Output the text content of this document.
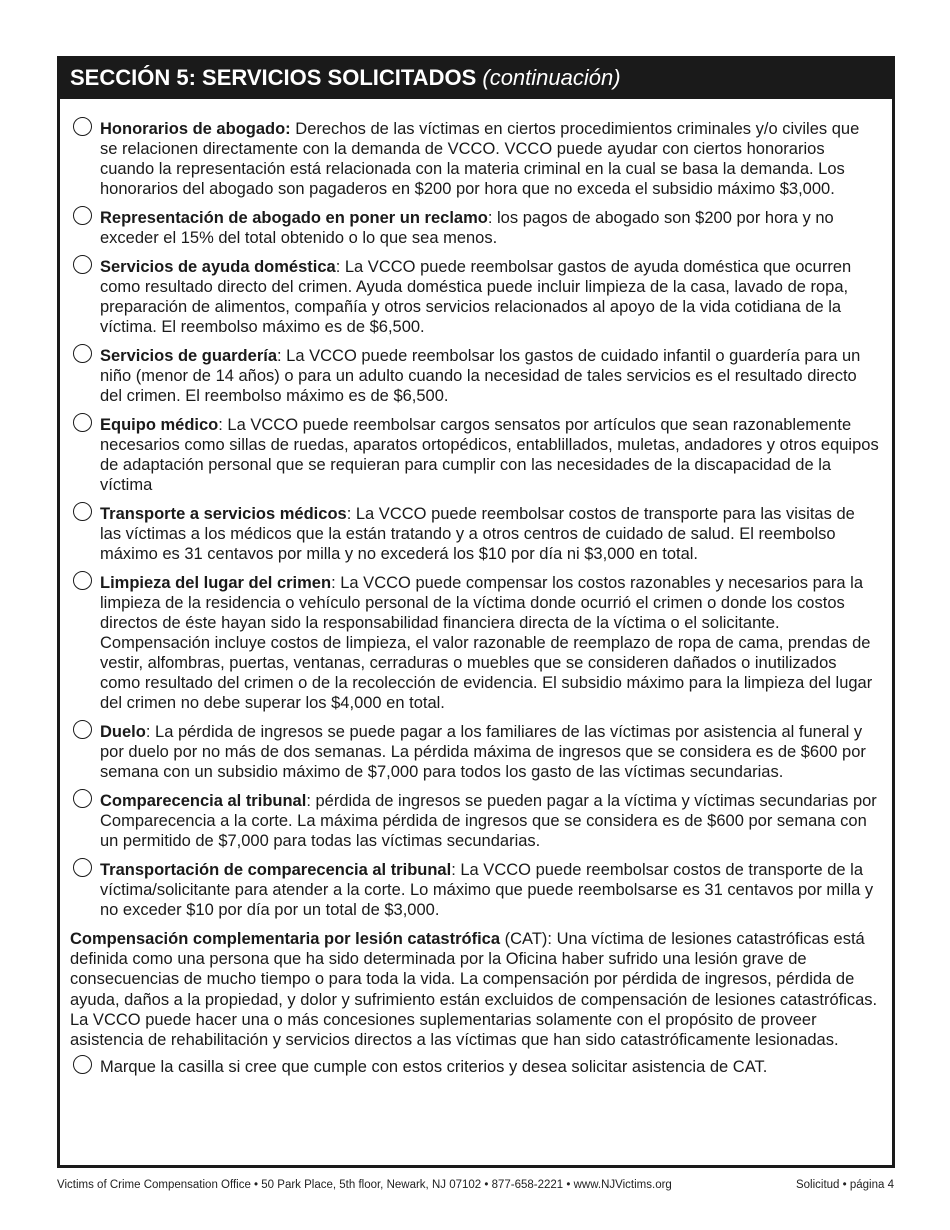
SECCIÓN 5: SERVICIOS SOLICITADOS (continuación)
Honorarios de abogado: Derechos de las víctimas en ciertos procedimientos criminales y/o civiles que se relacionen directamente con la demanda de VCCO. VCCO puede ayudar con ciertos honorarios cuando la representación está relacionada con la materia criminal en la cual se basa la demanda. Los honorarios del abogado son pagaderos en $200 por hora que no exceda el subsidio máximo $3,000.
Representación de abogado en poner un reclamo: los pagos de abogado son $200 por hora y no exceder el 15% del total obtenido o lo que sea menos.
Servicios de ayuda doméstica: La VCCO puede reembolsar gastos de ayuda doméstica que ocurren como resultado directo del crimen. Ayuda doméstica puede incluir limpieza de la casa, lavado de ropa, preparación de alimentos, compañía y otros servicios relacionados al apoyo de la vida cotidiana de la víctima. El reembolso máximo es de $6,500.
Servicios de guardería: La VCCO puede reembolsar los gastos de cuidado infantil o guardería para un niño (menor de 14 años) o para un adulto cuando la necesidad de tales servicios es el resultado directo del crimen. El reembolso máximo es de $6,500.
Equipo médico: La VCCO puede reembolsar cargos sensatos por artículos que sean razonablemente necesarios como sillas de ruedas, aparatos ortopédicos, entablillados, muletas, andadores y otros equipos de adaptación personal que se requieran para cumplir con las necesidades de la discapacidad de la víctima
Transporte a servicios médicos: La VCCO puede reembolsar costos de transporte para las visitas de las víctimas a los médicos que la están tratando y a otros centros de cuidado de salud. El reembolso máximo es 31 centavos por milla y no excederá los $10 por día ni $3,000 en total.
Limpieza del lugar del crimen: La VCCO puede compensar los costos razonables y necesarios para la limpieza de la residencia o vehículo personal de la víctima donde ocurrió el crimen o donde los costos directos de éste hayan sido la responsabilidad financiera directa de la víctima o el solicitante. Compensación incluye costos de limpieza, el valor razonable de reemplazo de ropa de cama, prendas de vestir, alfombras, puertas, ventanas, cerraduras o muebles que se consideren dañados o inutilizados como resultado del crimen o de la recolección de evidencia. El subsidio máximo para la limpieza del lugar del crimen no debe superar los $4,000 en total.
Duelo: La pérdida de ingresos se puede pagar a los familiares de las víctimas por asistencia al funeral y por duelo por no más de dos semanas. La pérdida máxima de ingresos que se considera es de $600 por semana con un subsidio máximo de $7,000 para todos los gasto de las víctimas secundarias.
Comparecencia al tribunal: pérdida de ingresos se pueden pagar a la víctima y víctimas secundarias por Comparecencia a la corte. La máxima pérdida de ingresos que se considera es de $600 por semana con un permitido de $7,000 para todas las víctimas secundarias.
Transportación de comparecencia al tribunal: La VCCO puede reembolsar costos de transporte de la víctima/solicitante para atender a la corte. Lo máximo que puede reembolsarse es 31 centavos por milla y no exceder $10 por día por un total de $3,000.
Compensación complementaria por lesión catastrófica (CAT): Una víctima de lesiones catastróficas está definida como una persona que ha sido determinada por la Oficina haber sufrido una lesión grave de consecuencias de mucho tiempo o para toda la vida. La compensación por pérdida de ingresos, pérdida de ayuda, daños a la propiedad, y dolor y sufrimiento están excluidos de compensación de lesiones catastróficas. La VCCO puede hacer una o más concesiones suplementarias solamente con el propósito de proveer asistencia de rehabilitación y servicios directos a las víctimas que han sido catastróficamente lesionadas.
Marque la casilla si cree que cumple con estos criterios y desea solicitar asistencia de CAT.
Victims of Crime Compensation Office • 50 Park Place, 5th floor, Newark, NJ 07102 • 877-658-2221 • www.NJVictims.org	Solicitud • página 4
